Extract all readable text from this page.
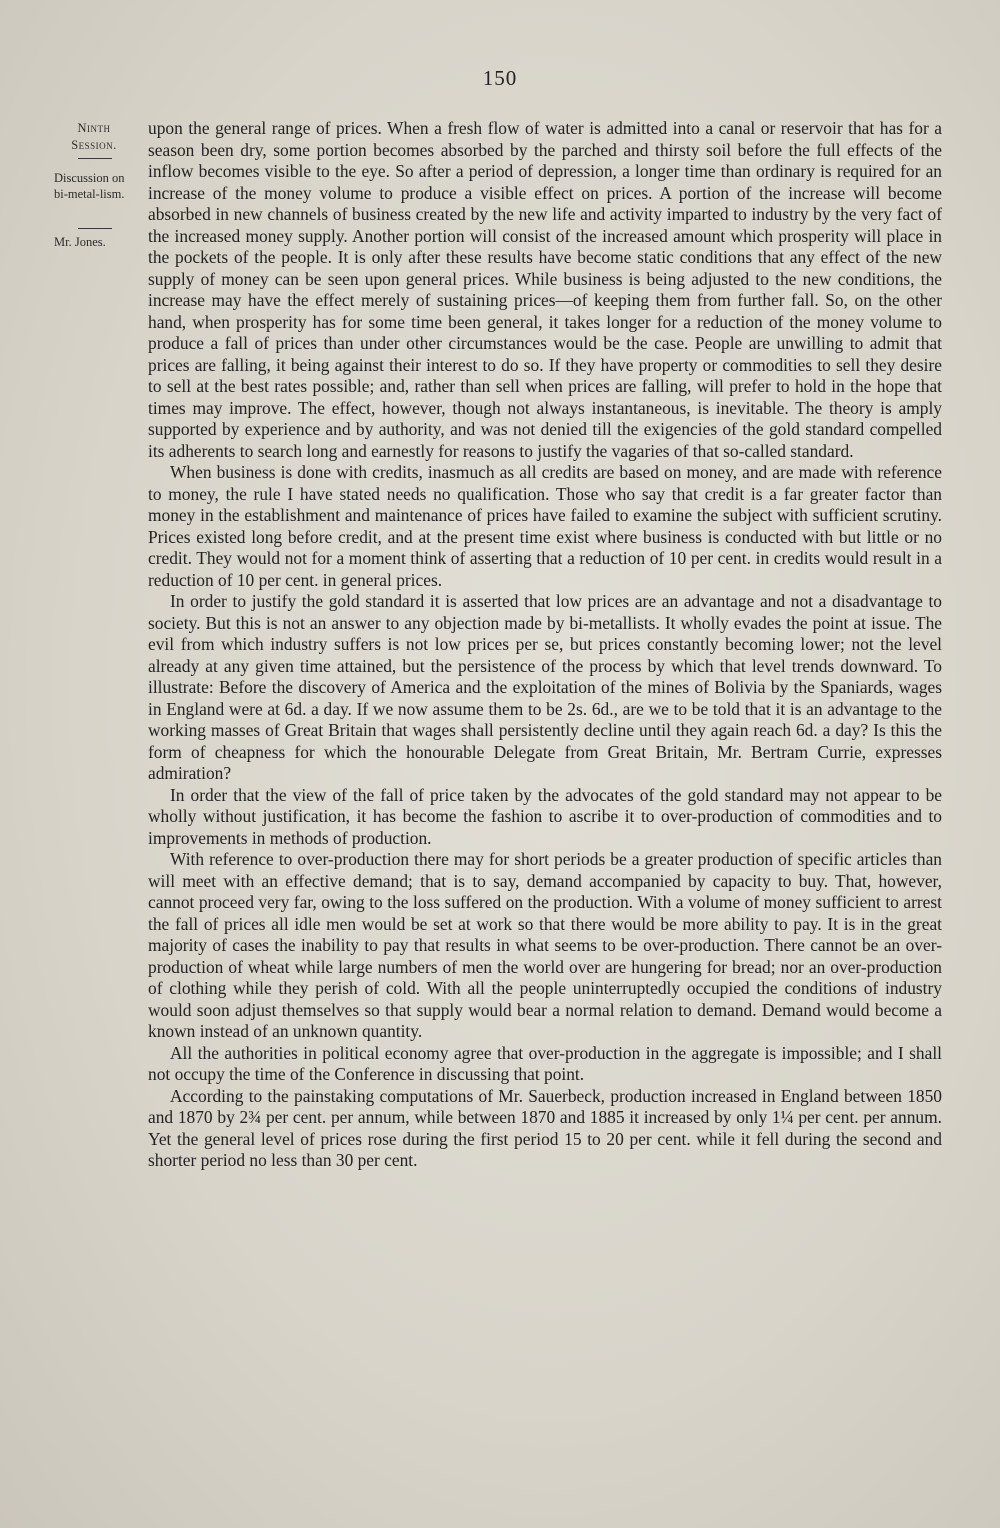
150
Ninth
Session.
Discussion on bi-metal-lism.
Mr. Jones.

upon the general range of prices. When a fresh flow of water is admitted into a canal or reservoir that has for a season been dry, some portion becomes absorbed by the parched and thirsty soil before the full effects of the inflow becomes visible to the eye. So after a period of depression, a longer time than ordinary is required for an increase of the money volume to produce a visible effect on prices. A portion of the increase will become absorbed in new channels of business created by the new life and activity imparted to industry by the very fact of the increased money supply. Another portion will consist of the increased amount which prosperity will place in the pockets of the people. It is only after these results have become static conditions that any effect of the new supply of money can be seen upon general prices. While business is being adjusted to the new conditions, the increase may have the effect merely of sustaining prices—of keeping them from further fall. So, on the other hand, when prosperity has for some time been general, it takes longer for a reduction of the money volume to produce a fall of prices than under other circumstances would be the case. People are unwilling to admit that prices are falling, it being against their interest to do so. If they have property or commodities to sell they desire to sell at the best rates possible; and, rather than sell when prices are falling, will prefer to hold in the hope that times may improve. The effect, however, though not always instantaneous, is inevitable. The theory is amply supported by experience and by authority, and was not denied till the exigencies of the gold standard compelled its adherents to search long and earnestly for reasons to justify the vagaries of that so-called standard.

When business is done with credits, inasmuch as all credits are based on money, and are made with reference to money, the rule I have stated needs no qualification. Those who say that credit is a far greater factor than money in the establishment and maintenance of prices have failed to examine the subject with sufficient scrutiny. Prices existed long before credit, and at the present time exist where business is conducted with but little or no credit. They would not for a moment think of asserting that a reduction of 10 per cent. in credits would result in a reduction of 10 per cent. in general prices.

In order to justify the gold standard it is asserted that low prices are an advantage and not a disadvantage to society. But this is not an answer to any objection made by bi-metallists. It wholly evades the point at issue. The evil from which industry suffers is not low prices per se, but prices constantly becoming lower; not the level already at any given time attained, but the persistence of the process by which that level trends downward. To illustrate: Before the discovery of America and the exploitation of the mines of Bolivia by the Spaniards, wages in England were at 6d. a day. If we now assume them to be 2s. 6d., are we to be told that it is an advantage to the working masses of Great Britain that wages shall persistently decline until they again reach 6d. a day? Is this the form of cheapness for which the honourable Delegate from Great Britain, Mr. Bertram Currie, expresses admiration?

In order that the view of the fall of price taken by the advocates of the gold standard may not appear to be wholly without justification, it has become the fashion to ascribe it to over-production of commodities and to improvements in methods of production.

With reference to over-production there may for short periods be a greater production of specific articles than will meet with an effective demand; that is to say, demand accompanied by capacity to buy. That, however, cannot proceed very far, owing to the loss suffered on the production. With a volume of money sufficient to arrest the fall of prices all idle men would be set at work so that there would be more ability to pay. It is in the great majority of cases the inability to pay that results in what seems to be over-production. There cannot be an over-production of wheat while large numbers of men the world over are hungering for bread; nor an over-production of clothing while they perish of cold. With all the people uninterruptedly occupied the conditions of industry would soon adjust themselves so that supply would bear a normal relation to demand. Demand would become a known instead of an unknown quantity.

All the authorities in political economy agree that over-production in the aggregate is impossible; and I shall not occupy the time of the Conference in discussing that point.

According to the painstaking computations of Mr. Sauerbeck, production increased in England between 1850 and 1870 by 2¾ per cent. per annum, while between 1870 and 1885 it increased by only 1¼ per cent. per annum. Yet the general level of prices rose during the first period 15 to 20 per cent. while it fell during the second and shorter period no less than 30 per cent.
